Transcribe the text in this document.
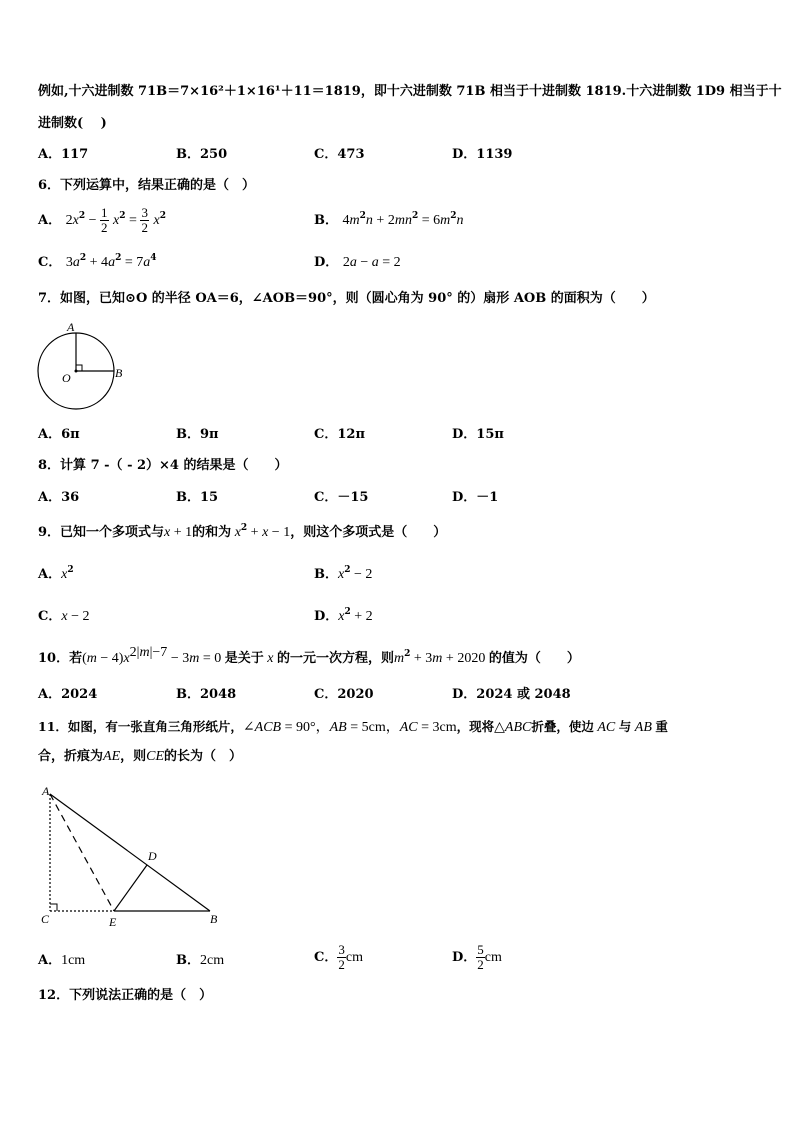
例如,十六进制数 71B＝7×16²＋1×16¹＋11＝1819，即十六进制数 71B 相当于十进制数 1819.十六进制数 1D9 相当于十
进制数(　 )
A．117	B．250	C．473	D．1139
6．下列运算中，结果正确的是（　）
A． $2x^2 - \frac{1}{2} x^2 = \frac{3}{2} x^2$	B． $4m^2n + 2mn^2 = 6m^2n$
C． $3a^2 + 4a^2 = 7a^4$	D． 2a − a = 2
7．如图，已知⊙O 的半径 OA＝6，∠AOB＝90°，则（圆心角为 90° 的）扇形 AOB 的面积为（　　）
A
O	B
A．6π	B．9π	C．12π	D．15π
8．计算 7 -（ - 2）×4 的结果是（　　）
A．36	B．15	C．－15	D．－1
9．已知一个多项式与x + 1的和为 $x^2 + x - 1$，则这个多项式是（　　）
A．$x^2$	B．$x^2 - 2$
C．x − 2	D．$x^2 + 2$
10．若$(m - 4)x^{2|m|-7} - 3m = 0$ 是关于 x 的一元一次方程，则$m^2 + 3m + 2020$ 的值为（　　）
A．2024	B．2048	C．2020	D．2024 或 2048
11．如图，有一张直角三角形纸片，∠ACB = 90°，AB = 5cm，AC = 3cm，现将△ABC折叠，使边 AC 与 AB 重
合，折痕为AE，则CE的长为（　）
A
C	E
D
B
A．1cm	B．2cm	C． $\frac{3}{2}$ cm	D． $\frac{5}{2}$ cm
12．下列说法正确的是（　）
